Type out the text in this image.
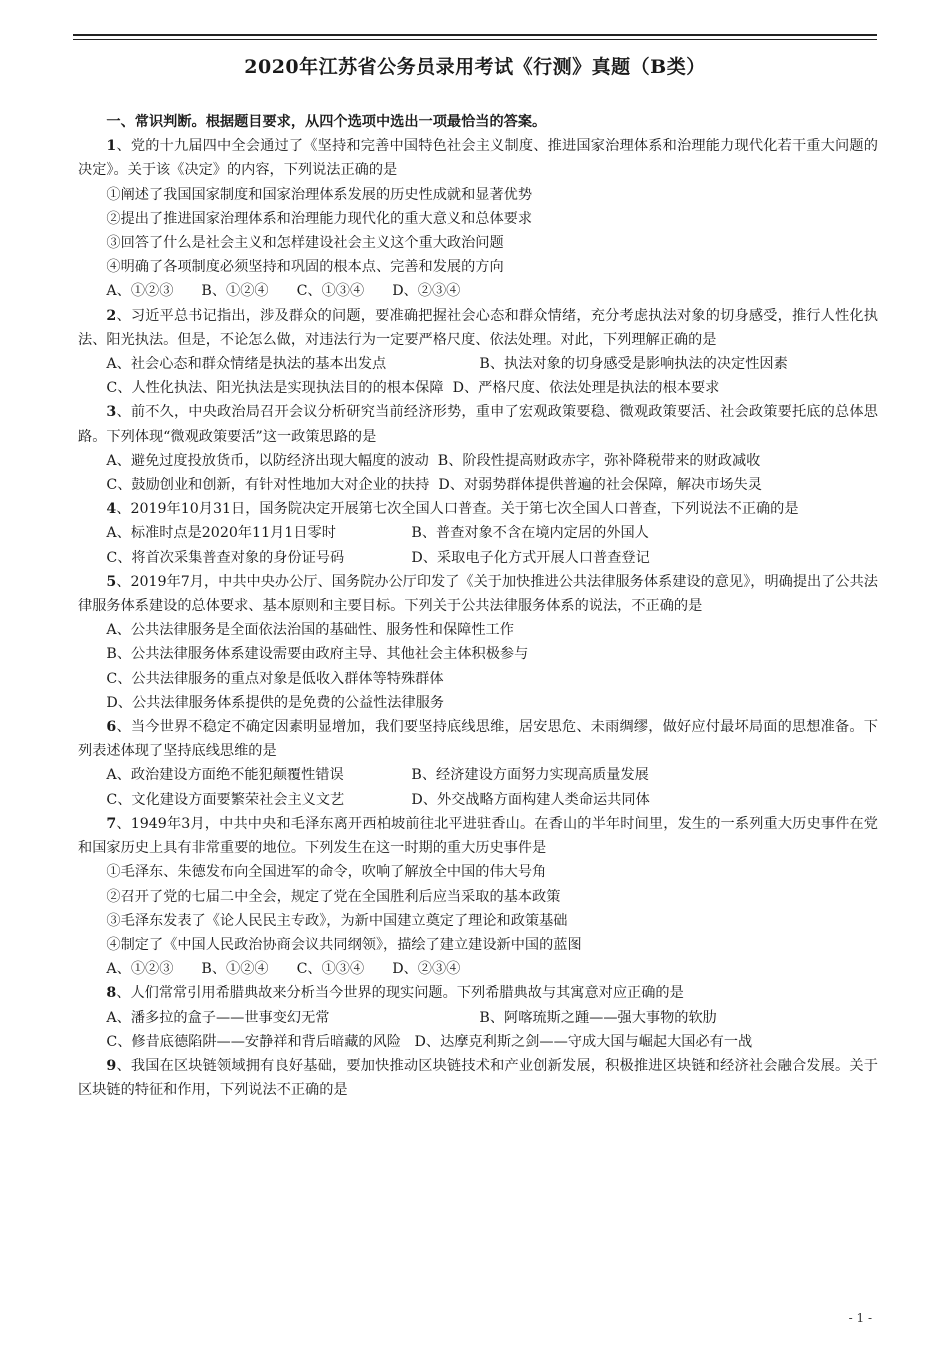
2020年江苏省公务员录用考试《行测》真题（B类）

一、常识判断。根据题目要求，从四个选项中选出一项最恰当的答案。

1、党的十九届四中全会通过了《坚持和完善中国特色社会主义制度、推进国家治理体系和治理能力现代化若干重大问题的决定》。关于该《决定》的内容，下列说法正确的是

①阐述了我国国家制度和国家治理体系发展的历史性成就和显著优势

②提出了推进国家治理体系和治理能力现代化的重大意义和总体要求

③回答了什么是社会主义和怎样建设社会主义这个重大政治问题

④明确了各项制度必须坚持和巩固的根本点、完善和发展的方向

A、①②③ B、①②④ C、①③④ D、②③④

2、习近平总书记指出，涉及群众的问题，要准确把握社会心态和群众情绪，充分考虑执法对象的切身感受，推行人性化执法、阳光执法。但是，不论怎么做，对违法行为一定要严格尺度、依法处理。对此，下列理解正确的是

A、社会心态和群众情绪是执法的基本出发点	B、执法对象的切身感受是影响执法的决定性因素

C、人性化执法、阳光执法是实现执法目的的根本保障 D、严格尺度、依法处理是执法的根本要求

3、前不久，中央政治局召开会议分析研究当前经济形势，重申了宏观政策要稳、微观政策要活、社会政策要托底的总体思路。下列体现“微观政策要活”这一政策思路的是

A、避免过度投放货币，以防经济出现大幅度的波动 B、阶段性提高财政赤字，弥补降税带来的财政减收

C、鼓励创业和创新，有针对性地加大对企业的扶持 D、对弱势群体提供普遍的社会保障，解决市场失灵

4、2019年10月31日，国务院决定开展第七次全国人口普查。关于第七次全国人口普查，下列说法不正确的是

A、标准时点是2020年11月1日零时	B、普查对象不含在境内定居的外国人
C、将首次采集普查对象的身份证号码	D、采取电子化方式开展人口普查登记

5、2019年7月，中共中央办公厅、国务院办公厅印发了《关于加快推进公共法律服务体系建设的意见》，明确提出了公共法律服务体系建设的总体要求、基本原则和主要目标。下列关于公共法律服务体系的说法，不正确的是

A、公共法律服务是全面依法治国的基础性、服务性和保障性工作

B、公共法律服务体系建设需要由政府主导、其他社会主体积极参与

C、公共法律服务的重点对象是低收入群体等特殊群体

D、公共法律服务体系提供的是免费的公益性法律服务

6、当今世界不稳定不确定因素明显增加，我们要坚持底线思维，居安思危、未雨绸缪，做好应付最坏局面的思想准备。下列表述体现了坚持底线思维的是

A、政治建设方面绝不能犯颠覆性错误	B、经济建设方面努力实现高质量发展
C、文化建设方面要繁荣社会主义文艺	D、外交战略方面构建人类命运共同体

7、1949年3月，中共中央和毛泽东离开西柏坡前往北平进驻香山。在香山的半年时间里，发生的一系列重大历史事件在党和国家历史上具有非常重要的地位。下列发生在这一时期的重大历史事件是

①毛泽东、朱德发布向全国进军的命令，吹响了解放全中国的伟大号角

②召开了党的七届二中全会，规定了党在全国胜利后应当采取的基本政策

③毛泽东发表了《论人民民主专政》，为新中国建立奠定了理论和政策基础

④制定了《中国人民政治协商会议共同纲领》，描绘了建立建设新中国的蓝图

A、①②③ B、①②④ C、①③④ D、②③④

8、人们常常引用希腊典故来分析当今世界的现实问题。下列希腊典故与其寓意对应正确的是

A、潘多拉的盒子——世事变幻无常	B、阿喀琉斯之踵——强大事物的软肋

C、修昔底德陷阱——安静祥和背后暗藏的风险 D、达摩克利斯之剑——守成大国与崛起大国必有一战

9、我国在区块链领域拥有良好基础，要加快推动区块链技术和产业创新发展，积极推进区块链和经济社会融合发展。关于区块链的特征和作用，下列说法不正确的是

- 1 -
